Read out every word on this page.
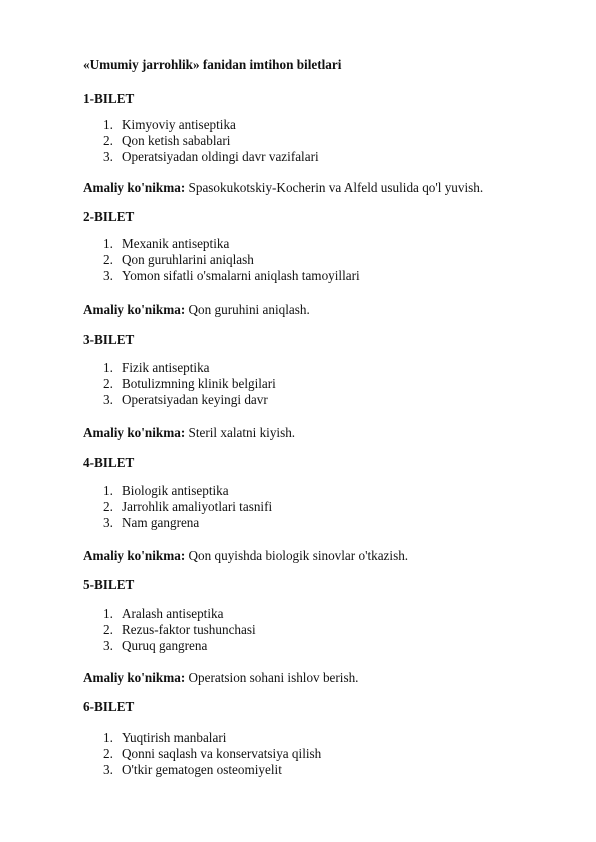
«Umumiy jarrohlik» fanidan imtihon biletlari

1-BILET

1. Kimyoviy antiseptika
2. Qon ketish sabablari
3. Operatsiyadan oldingi davr vazifalari

Amaliy ko'nikma: Spasokukotskiy-Kocherin va Alfeld usulida qo'l yuvish.

2-BILET

1. Mexanik antiseptika
2. Qon guruhlarini aniqlash
3. Yomon sifatli o'smalarni aniqlash tamoyillari

Amaliy ko'nikma: Qon guruhini aniqlash.

3-BILET

1. Fizik antiseptika
2. Botulizmning klinik belgilari
3. Operatsiyadan keyingi davr

Amaliy ko'nikma: Steril xalatni kiyish.

4-BILET

1. Biologik antiseptika
2. Jarrohlik amaliyotlari tasnifi
3. Nam gangrena

Amaliy ko'nikma: Qon quyishda biologik sinovlar o'tkazish.

5-BILET

1. Aralash antiseptika
2. Rezus-faktor tushunchasi
3. Quruq gangrena

Amaliy ko'nikma: Operatsion sohani ishlov berish.

6-BILET

1. Yuqtirish manbalari
2. Qonni saqlash va konservatsiya qilish
3. O'tkir gematogen osteomiyelit
